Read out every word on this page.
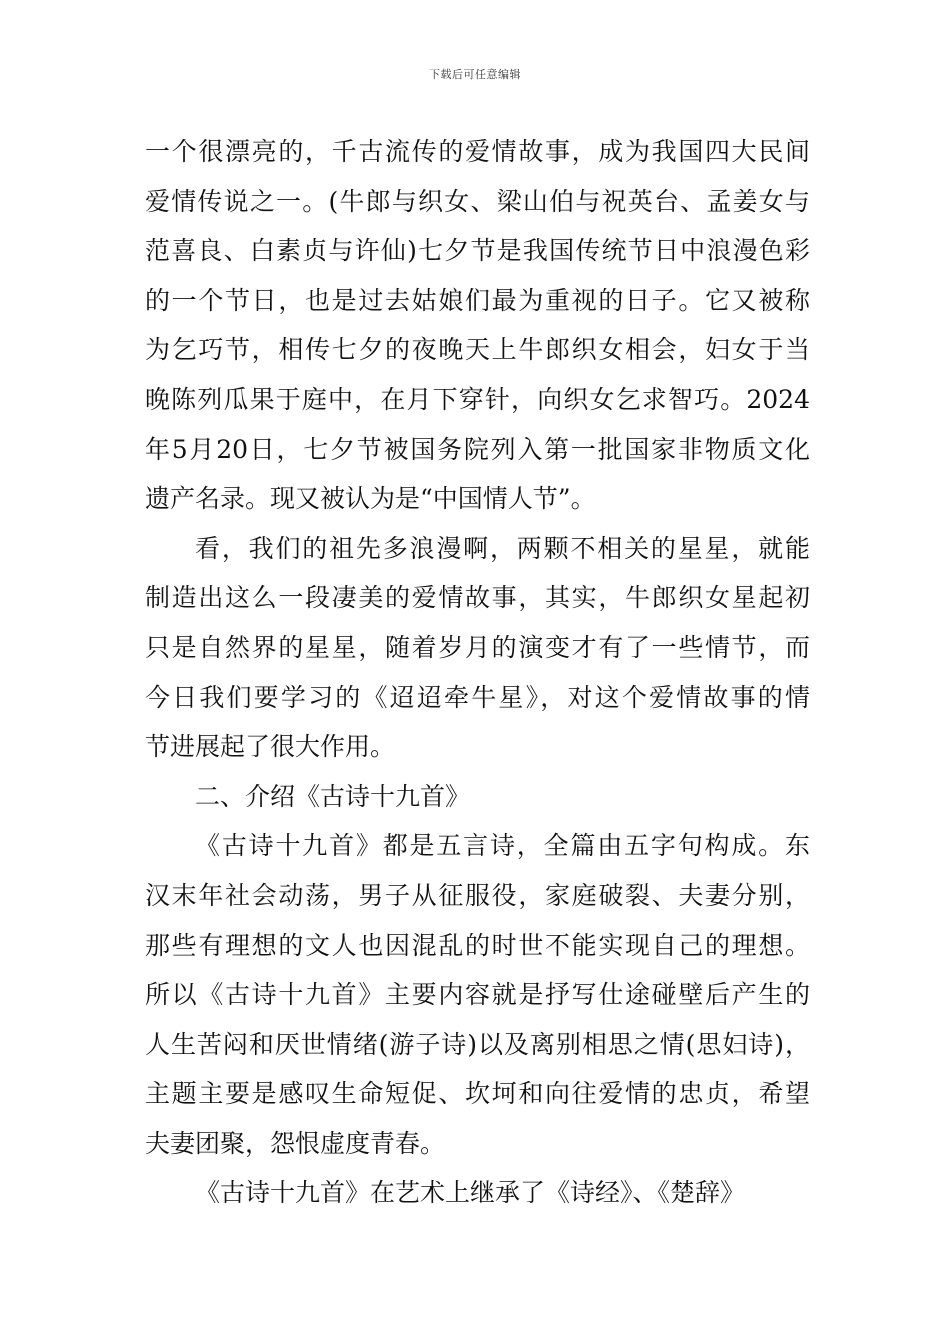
下载后可任意编辑
一个很漂亮的，千古流传的爱情故事，成为我国四大民间
爱情传说之一。(牛郎与织女、梁山伯与祝英台、孟姜女与
范喜良、白素贞与许仙)七夕节是我国传统节日中浪漫色彩
的一个节日，也是过去姑娘们最为重视的日子。它又被称
为乞巧节，相传七夕的夜晚天上牛郎织女相会，妇女于当
晚陈列瓜果于庭中，在月下穿针，向织女乞求智巧。2024
年5月20日，七夕节被国务院列入第一批国家非物质文化
遗产名录。现又被认为是“中国情人节”。
看，我们的祖先多浪漫啊，两颗不相关的星星，就能
制造出这么一段凄美的爱情故事，其实，牛郎织女星起初
只是自然界的星星，随着岁月的演变才有了一些情节，而
今日我们要学习的《迢迢牵牛星》，对这个爱情故事的情
节进展起了很大作用。
二、介绍《古诗十九首》
《古诗十九首》都是五言诗，全篇由五字句构成。东
汉末年社会动荡，男子从征服役，家庭破裂、夫妻分别，
那些有理想的文人也因混乱的时世不能实现自己的理想。
所以《古诗十九首》主要内容就是抒写仕途碰壁后产生的
人生苦闷和厌世情绪(游子诗)以及离别相思之情(思妇诗)，
主题主要是感叹生命短促、坎坷和向往爱情的忠贞，希望
夫妻团聚，怨恨虚度青春。
《古诗十九首》在艺术上继承了《诗经》、《楚辞》
